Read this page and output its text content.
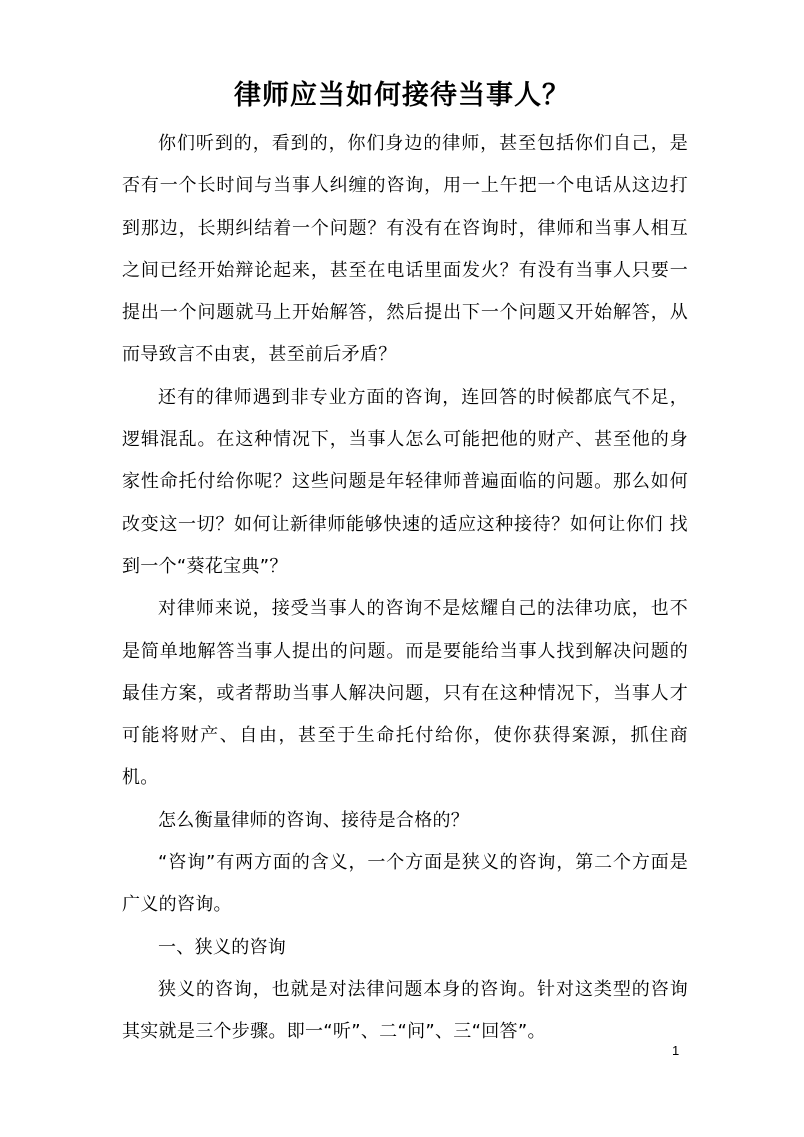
律师应当如何接待当事人？

你们听到的，看到的，你们身边的律师，甚至包括你们自己，是否有一个长时间与当事人纠缠的咨询，用一上午把一个电话从这边打到那边，长期纠结着一个问题？有没有在咨询时，律师和当事人相互之间已经开始辩论起来，甚至在电话里面发火？有没有当事人只要一提出一个问题就马上开始解答，然后提出下一个问题又开始解答，从而导致言不由衷，甚至前后矛盾？

还有的律师遇到非专业方面的咨询，连回答的时候都底气不足，逻辑混乱。在这种情况下，当事人怎么可能把他的财产、甚至他的身家性命托付给你呢？这些问题是年轻律师普遍面临的问题。那么如何改变这一切？如何让新律师能够快速的适应这种接待？如何让你们 找到一个“葵花宝典”？

对律师来说，接受当事人的咨询不是炫耀自己的法律功底，也不是简单地解答当事人提出的问题。而是要能给当事人找到解决问题的最佳方案，或者帮助当事人解决问题，只有在这种情况下，当事人才可能将财产、自由，甚至于生命托付给你，使你获得案源，抓住商机。

怎么衡量律师的咨询、接待是合格的？

“咨询”有两方面的含义，一个方面是狭义的咨询，第二个方面是广义的咨询。

一、狭义的咨询

狭义的咨询，也就是对法律问题本身的咨询。针对这类型的咨询其实就是三个步骤。即一“听”、二“问”、三“回答”。

1
